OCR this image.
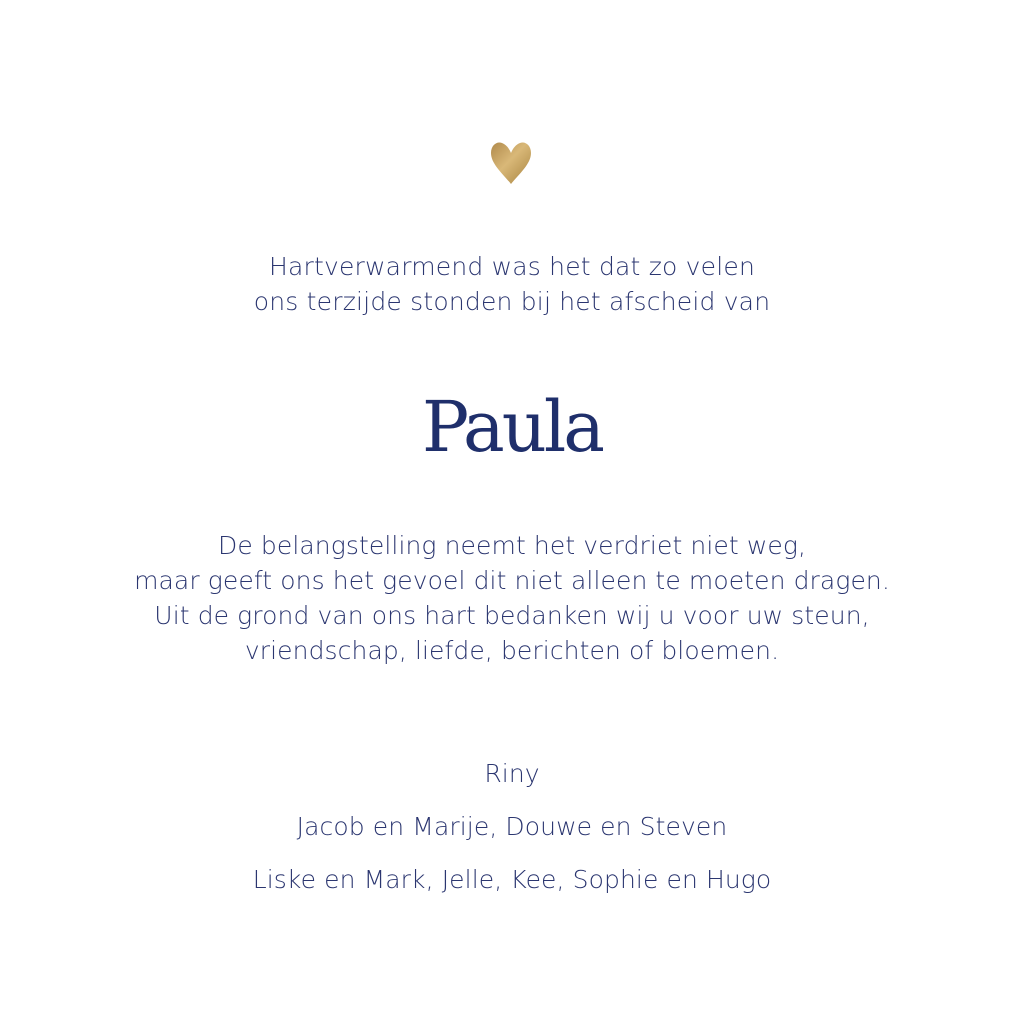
Hartverwarmend was het dat zo velen
ons terzijde stonden bij het afscheid van
Paula
De belangstelling neemt het verdriet niet weg,
maar geeft ons het gevoel dit niet alleen te moeten dragen.
Uit de grond van ons hart bedanken wij u voor uw steun,
vriendschap, liefde, berichten of bloemen.
Riny
Jacob en Marije, Douwe en Steven
Liske en Mark, Jelle, Kee, Sophie en Hugo
